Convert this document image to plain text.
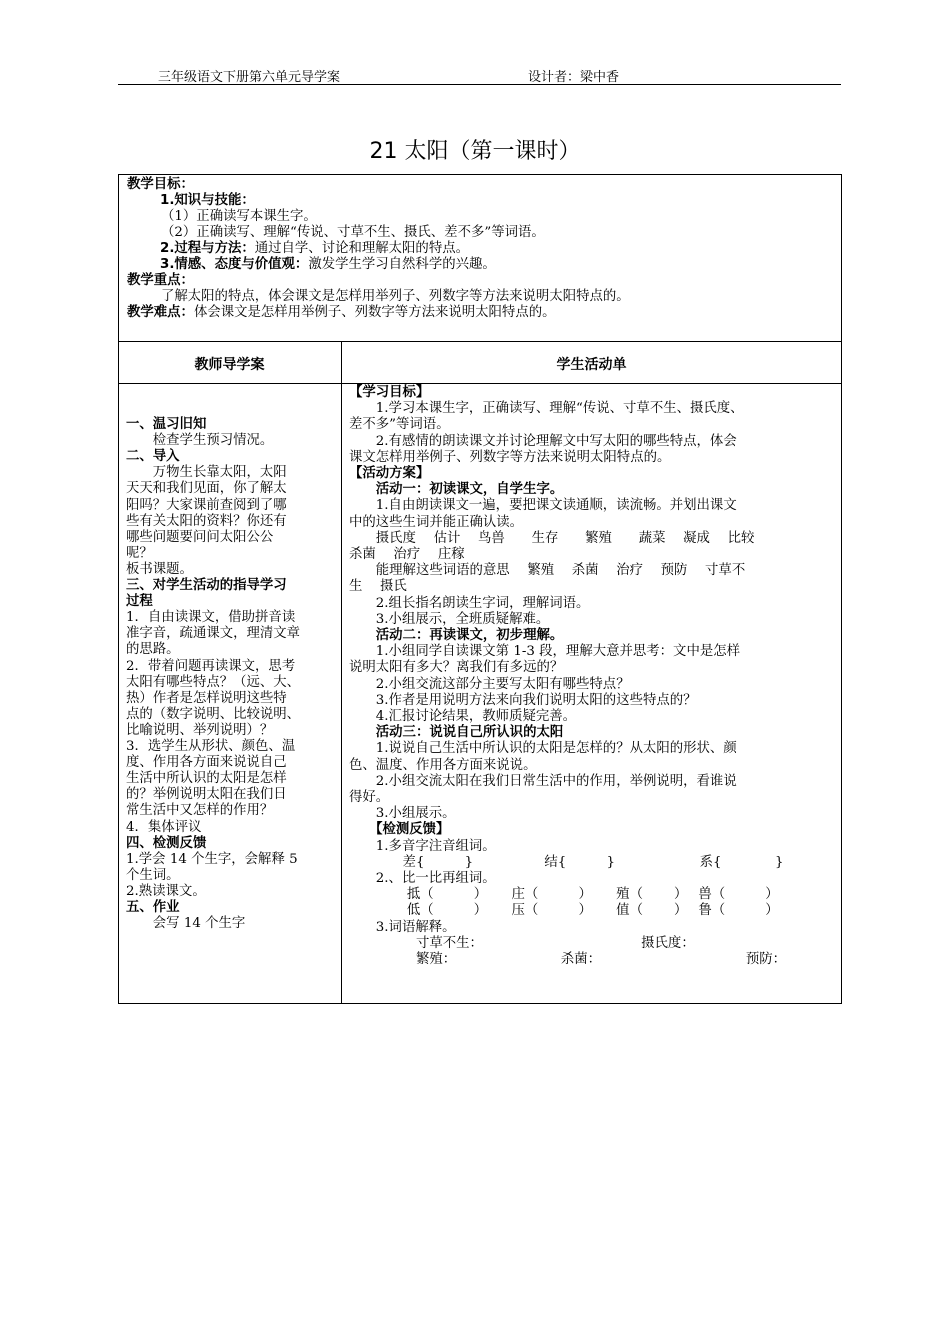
三年级语文下册第六单元导学案	设计者：梁中香
21 太阳（第一课时）
教学目标：
1.知识与技能：
（1）正确读写本课生字。
（2）正确读写、理解“传说、寸草不生、摄氏、差不多”等词语。
2.过程与方法：通过自学、讨论和理解太阳的特点。
3.情感、态度与价值观：激发学生学习自然科学的兴趣。
教学重点：
了解太阳的特点，体会课文是怎样用举列子、列数字等方法来说明太阳特点的。
教学难点：体会课文是怎样用举例子、列数字等方法来说明太阳特点的。
教师导学案	学生活动单
一、温习旧知
　　检查学生预习情况。
二、导入
　　万物生长靠太阳，太阳
天天和我们见面，你了解太
阳吗？大家课前查阅到了哪
些有关太阳的资料？你还有
哪些问题要问问太阳公公
呢？
板书课题。
三、对学生活动的指导学习
过程
1．自由读课文，借助拼音读
准字音，疏通课文，理清文章
的思路。
2．带着问题再读课文，思考
太阳有哪些特点？（远、大、
热）作者是怎样说明这些特
点的（数字说明、比较说明、
比喻说明、举列说明）？
3．选学生从形状、颜色、温
度、作用各方面来说说自己
生活中所认识的太阳是怎样
的？举例说明太阳在我们日
常生活中又怎样的作用？
4．集体评议
四、检测反馈
1.学会 14 个生字，会解释 5
个生词。
2.熟读课文。
五、作业
　　会写 14 个生字
【学习目标】
　　1.学习本课生字，正确读写、理解“传说、寸草不生、摄氏度、
差不多”等词语。
　　2.有感情的朗读课文并讨论理解文中写太阳的哪些特点，体会
课文怎样用举例子、列数字等方法来说明太阳特点的。
【活动方案】
　　活动一：初读课文，自学生字。
　　1.自由朗读课文一遍，要把课文读通顺，读流畅。并划出课文
中的这些生词并能正确认读。
　　摄氏度　 估计　 鸟兽　　生存　　繁殖　　蔬菜　 凝成　 比较
杀菌　 治疗　 庄稼
　　能理解这些词语的意思　 繁殖　 杀菌　 治疗　 预防　 寸草不
生　 摄氏
　　2.组长指名朗读生字词，理解词语。
　　3.小组展示，全班质疑解难。
　　活动二：再读课文，初步理解。
　　1.小组同学自读课文第 1-3 段，理解大意并思考：文中是怎样
说明太阳有多大？离我们有多远的？
　　2.小组交流这部分主要写太阳有哪些特点？
　　3.作者是用说明方法来向我们说明太阳的这些特点的？
　　4.汇报讨论结果，教师质疑完善。
　　活动三：说说自己所认识的太阳
　　1.说说自己生活中所认识的太阳是怎样的？从太阳的形状、颜
色、温度、作用各方面来说说。
　　2.小组交流太阳在我们日常生活中的作用，举例说明，看谁说
得好。
　　3.小组展示。
　　【检测反馈】
　　1.多音字注音组词。
　　　　差{　　　}　　　　　 结{　　　}　　　　　　 系{　　　　}
　　2.、比一比再组词。
　　　　 抵（　　　）　　 庄（　　　）　　 殖（　　 ）　 兽（　　　）
　　　　 低（　　　）　　 压（　　　）　　 值（　　 ）　 鲁（　　　）
　　3.词语解释。
　　　　　寸草不生：　　　　　　　　　　　　 摄氏度：
　　　　　繁殖：　　　　　　　　 杀菌：　　　　　　　　　　　 预防：
